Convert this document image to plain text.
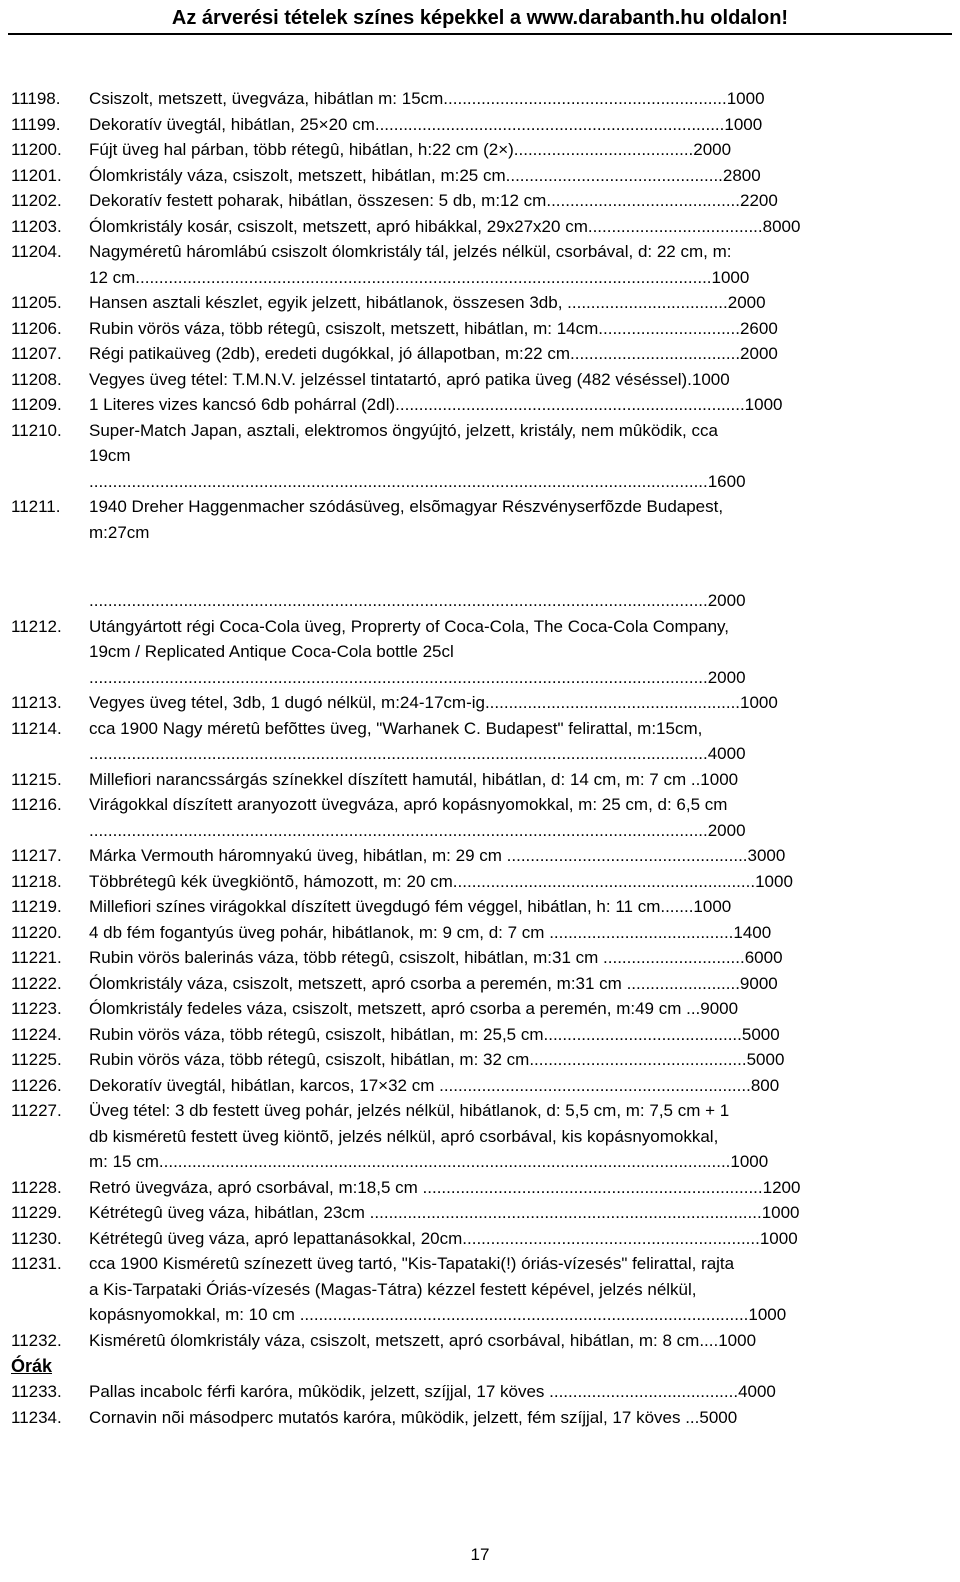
Az árverési tételek színes képekkel a www.darabanth.hu oldalon!
11198.	Csiszolt, metszett, üvegváza, hibátlan m: 15cm............................................................1000
11199.	Dekoratív üvegtál, hibátlan, 25×20 cm..........................................................................1000
11200.	Fújt üveg hal párban, több rétegû, hibátlan, h:22 cm (2×)......................................2000
11201.	Ólomkristály váza, csiszolt, metszett, hibátlan, m:25 cm..............................................2800
11202.	Dekoratív festett poharak, hibátlan, összesen: 5 db, m:12 cm.........................................2200
11203.	Ólomkristály kosár, csiszolt, metszett, apró hibákkal, 29x27x20 cm.....................................8000
11204.	Nagyméretû háromlábú csiszolt ólomkristály tál, jelzés nélkül, csorbával, d: 22 cm, m:
12 cm..........................................................................................................................1000
11205.	Hansen asztali készlet, egyik jelzett, hibátlanok, összesen 3db, ..................................2000
11206.	Rubin vörös váza, több rétegû, csiszolt, metszett, hibátlan, m: 14cm..............................2600
11207.	Régi patikaüveg (2db), eredeti dugókkal, jó állapotban, m:22 cm....................................2000
11208.	Vegyes üveg tétel: T.M.N.V. jelzéssel tintatartó, apró patika üveg (482 véséssel).1000
11209.	1 Literes vizes kancsó 6db pohárral (2dl)..........................................................................1000
11210.	Super-Match Japan, asztali, elektromos öngyújtó, jelzett, kristály, nem mûködik, cca
19cm
...................................................................................................................................1600
11211.	1940 Dreher Haggenmacher szódásüveg, elsõmagyar Részvényserfõzde Budapest,
m:27cm
...................................................................................................................................2000
11212.	Utángyártott régi Coca-Cola üveg, Proprerty of Coca-Cola, The Coca-Cola Company,
19cm / Replicated Antique Coca-Cola bottle 25cl
...................................................................................................................................2000
11213.	Vegyes üveg tétel, 3db, 1 dugó nélkül, m:24-17cm-ig......................................................1000
11214.	cca 1900 Nagy méretû befõttes üveg, "Warhanek C. Budapest" felirattal, m:15cm,
...................................................................................................................................4000
11215.	Millefiori narancssárgás színekkel díszített hamutál, hibátlan, d: 14 cm, m: 7 cm ..1000
11216.	Virágokkal díszített aranyozott üvegváza, apró kopásnyomokkal, m: 25 cm, d: 6,5 cm
...................................................................................................................................2000
11217.	Márka Vermouth háromnyakú üveg, hibátlan, m: 29 cm ...................................................3000
11218.	Többrétegû kék üvegkiöntõ, hámozott, m: 20 cm................................................................1000
11219.	Millefiori színes virágokkal díszített üvegdugó fém véggel, hibátlan, h: 11 cm.......1000
11220.	4 db fém fogantyús üveg pohár, hibátlanok, m: 9 cm, d: 7 cm .......................................1400
11221.	Rubin vörös balerinás váza, több rétegû, csiszolt, hibátlan, m:31 cm ..............................6000
11222.	Ólomkristály váza, csiszolt, metszett, apró csorba a peremén, m:31 cm ........................9000
11223.	Ólomkristály fedeles váza, csiszolt, metszett, apró csorba a peremén, m:49 cm ...9000
11224.	Rubin vörös váza, több rétegû, csiszolt, hibátlan, m: 25,5 cm..........................................5000
11225.	Rubin vörös váza, több rétegû, csiszolt, hibátlan, m: 32 cm..............................................5000
11226.	Dekoratív üvegtál, hibátlan, karcos, 17×32 cm ..................................................................800
11227.	Üveg tétel: 3 db festett üveg pohár, jelzés nélkül, hibátlanok, d: 5,5 cm, m: 7,5 cm + 1
db kisméretû festett üveg kiöntõ, jelzés nélkül, apró csorbával, kis kopásnyomokkal,
m: 15 cm.........................................................................................................................1000
11228.	Retró üvegváza, apró csorbával, m:18,5 cm ........................................................................1200
11229.	Kétrétegû üveg váza, hibátlan, 23cm ...................................................................................1000
11230.	Kétrétegû üveg váza, apró lepattanásokkal, 20cm...............................................................1000
11231.	cca 1900 Kisméretû színezett üveg tartó, "Kis-Tapataki(!) óriás-vízesés" felirattal, rajta
a Kis-Tarpataki Óriás-vízesés (Magas-Tátra) kézzel festett képével, jelzés nélkül,
kopásnyomokkal, m: 10 cm ...............................................................................................1000
11232.	Kisméretû ólomkristály váza, csiszolt, metszett, apró csorbával, hibátlan, m: 8 cm....1000
Órák
11233.	Pallas incabolc férfi karóra, mûködik, jelzett, szíjjal, 17 köves ........................................4000
11234.	Cornavin nõi másodperc mutatós karóra, mûködik, jelzett, fém szíjjal, 17 köves ...5000
17
